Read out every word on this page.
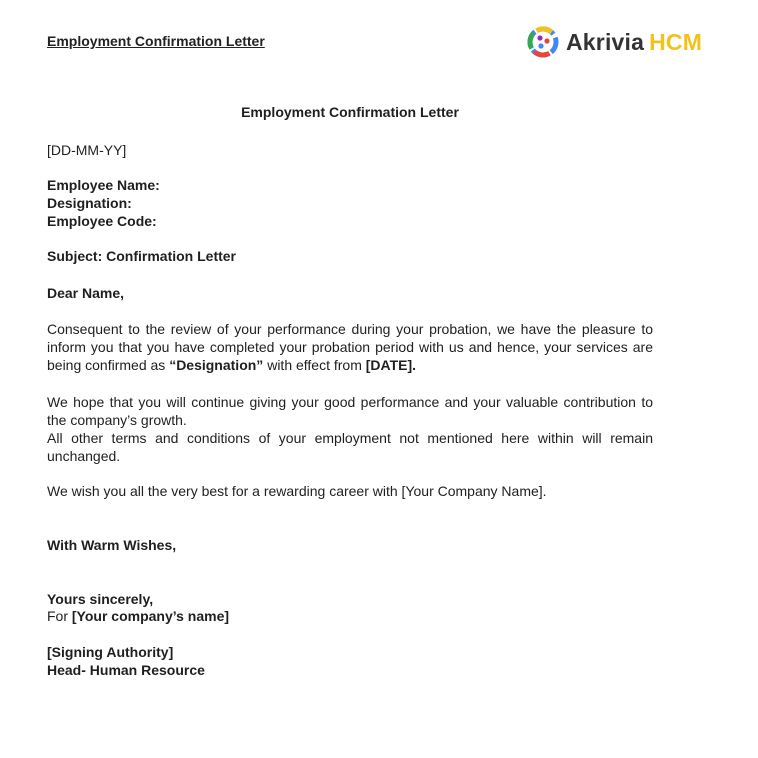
Employment Confirmation Letter	Akrivia HCM
Employment Confirmation Letter
[DD-MM-YY]
Employee Name:
Designation:
Employee Code:
Subject: Confirmation Letter
Dear Name,
Consequent to the review of your performance during your probation, we have the pleasure to inform you that you have completed your probation period with us and hence, your services are being confirmed as “Designation” with effect from [DATE].
We hope that you will continue giving your good performance and your valuable contribution to the company’s growth.
All other terms and conditions of your employment not mentioned here within will remain unchanged.
We wish you all the very best for a rewarding career with [Your Company Name].
With Warm Wishes,
Yours sincerely,
For [Your company’s name]
[Signing Authority]
Head- Human Resource
